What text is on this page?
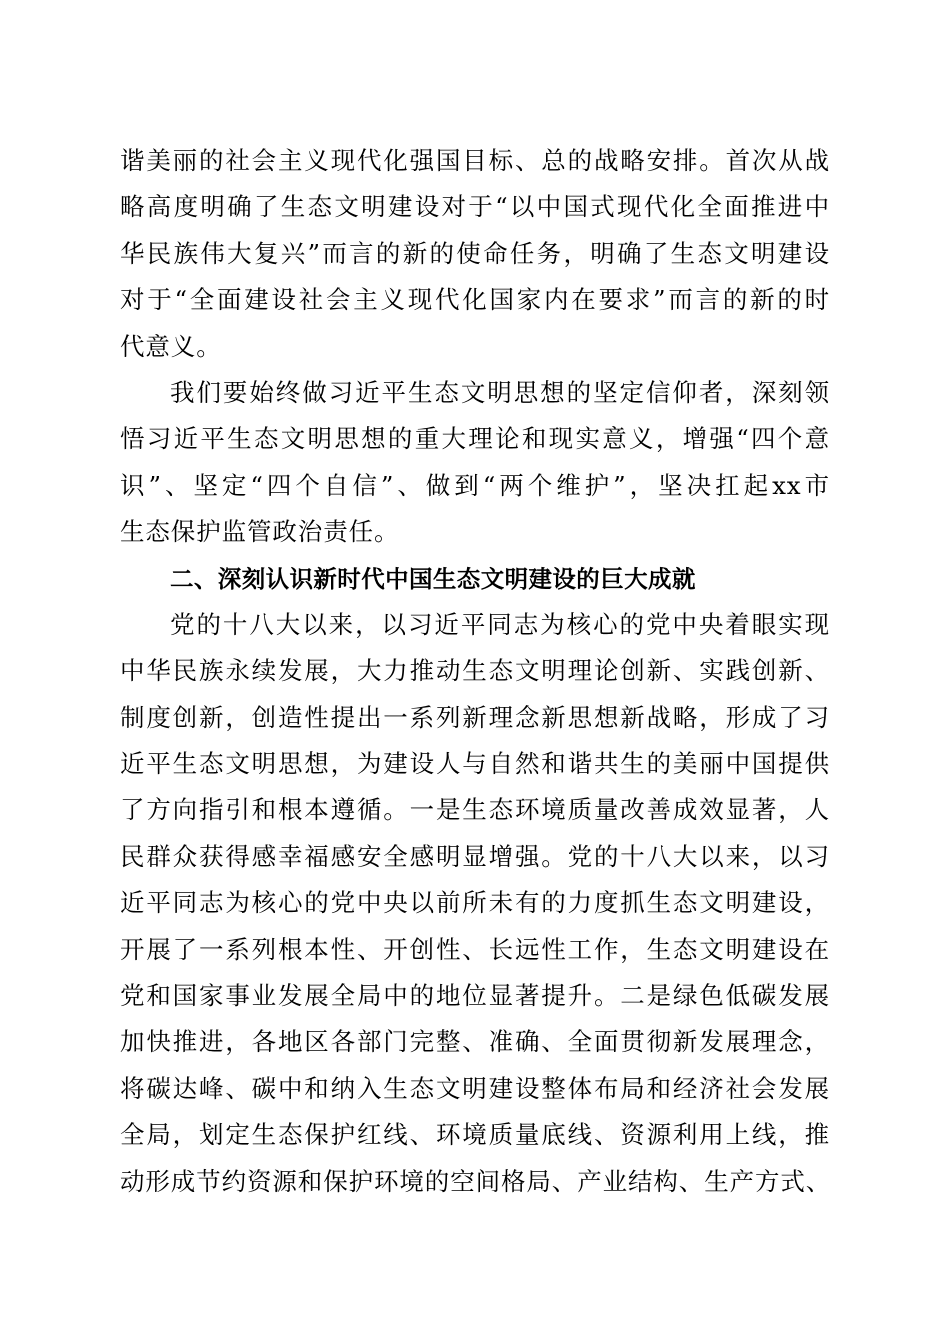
谐美丽的社会主义现代化强国目标、总的战略安排。首次从战
略高度明确了生态文明建设对于“以中国式现代化全面推进中
华民族伟大复兴”而言的新的使命任务，明确了生态文明建设
对于“全面建设社会主义现代化国家内在要求”而言的新的时
代意义。
我们要始终做习近平生态文明思想的坚定信仰者，深刻领
悟习近平生态文明思想的重大理论和现实意义，增强“四个意
识”、坚定“四个自信”、做到“两个维护”，坚决扛起xx市
生态保护监管政治责任。
二、深刻认识新时代中国生态文明建设的巨大成就
党的十八大以来，以习近平同志为核心的党中央着眼实现
中华民族永续发展，大力推动生态文明理论创新、实践创新、
制度创新，创造性提出一系列新理念新思想新战略，形成了习
近平生态文明思想，为建设人与自然和谐共生的美丽中国提供
了方向指引和根本遵循。一是生态环境质量改善成效显著，人
民群众获得感幸福感安全感明显增强。党的十八大以来，以习
近平同志为核心的党中央以前所未有的力度抓生态文明建设，
开展了一系列根本性、开创性、长远性工作，生态文明建设在
党和国家事业发展全局中的地位显著提升。二是绿色低碳发展
加快推进，各地区各部门完整、准确、全面贯彻新发展理念，
将碳达峰、碳中和纳入生态文明建设整体布局和经济社会发展
全局，划定生态保护红线、环境质量底线、资源利用上线，推
动形成节约资源和保护环境的空间格局、产业结构、生产方式、
